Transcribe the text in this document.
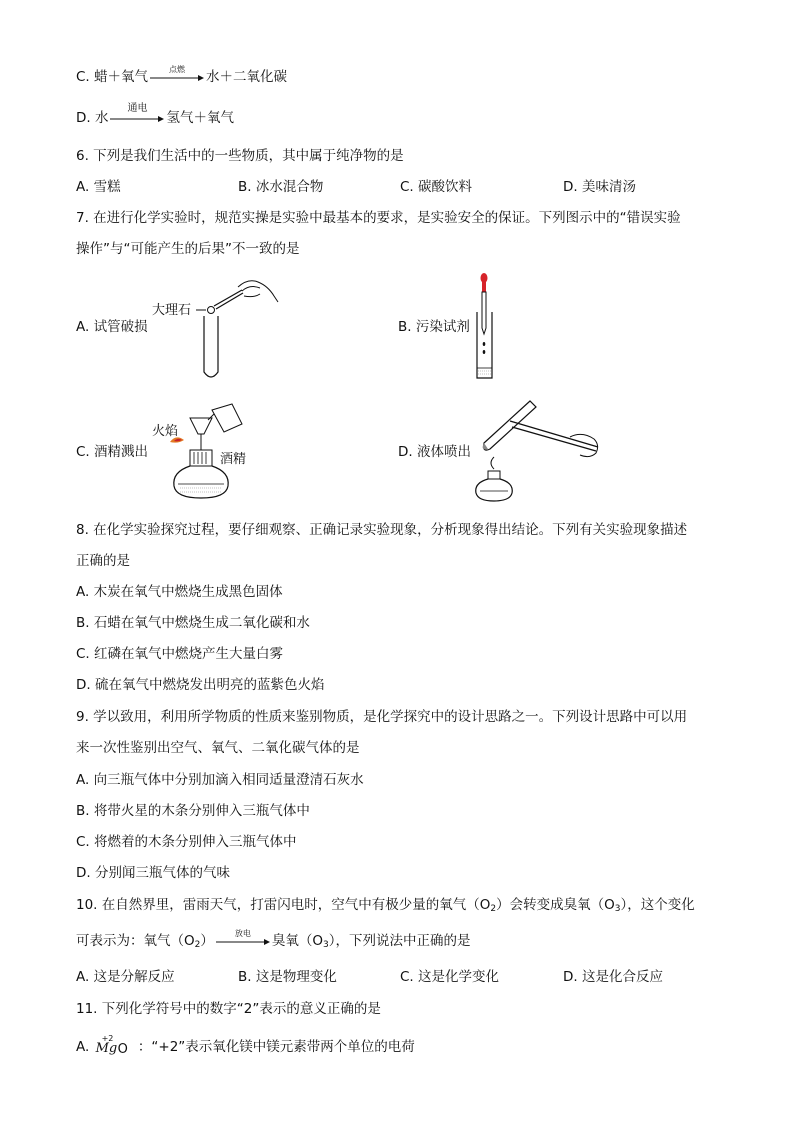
C. 蜡＋氧气	点燃	水＋二氧化碳
D. 水
通电
氢气＋氧气
6. 下列是我们生活中的一些物质，其中属于纯净物的是
A. 雪糕	B. 冰水混合物	C. 碳酸饮料	D. 美味清汤
7. 在进行化学实验时，规范实操是实验中最基本的要求，是实验安全的保证。下列图示中的“错误实验
操作”与“可能产生的后果”不一致的是
A. 试管破损	B. 污染试剂
C. 酒精溅出	D. 液体喷出
大理石
火焰
酒精
8. 在化学实验探究过程，要仔细观察、正确记录实验现象，分析现象得出结论。下列有关实验现象描述
正确的是
A. 木炭在氧气中燃烧生成黑色固体
B. 石蜡在氧气中燃烧生成二氧化碳和水
C. 红磷在氧气中燃烧产生大量白雾
D. 硫在氧气中燃烧发出明亮的蓝紫色火焰
9. 学以致用，利用所学物质的性质来鉴别物质，是化学探究中的设计思路之一。下列设计思路中可以用
来一次性鉴别出空气、氧气、二氧化碳气体的是
A. 向三瓶气体中分别加滴入相同适量澄清石灰水
B. 将带火星的木条分别伸入三瓶气体中
C. 将燃着的木条分别伸入三瓶气体中
D. 分别闻三瓶气体的气味
10. 在自然界里，雷雨天气，打雷闪电时，空气中有极少量的氧气$(O_2)$会转变成臭氧$(O_3)$，这个变化
可表示为：氧气$(O_2)$	放电	臭氧$(O_3)$，下列说法中正确的是
A. 这是分解反应	B. 这是物理变化	C. 这是化学变化	D. 这是化合反应
11. 下列化学符号中的数字“2”表示的意义正确的是
A.
+2
Mg O ：“+2”表示氧化镁中镁元素带两个单位的电荷
